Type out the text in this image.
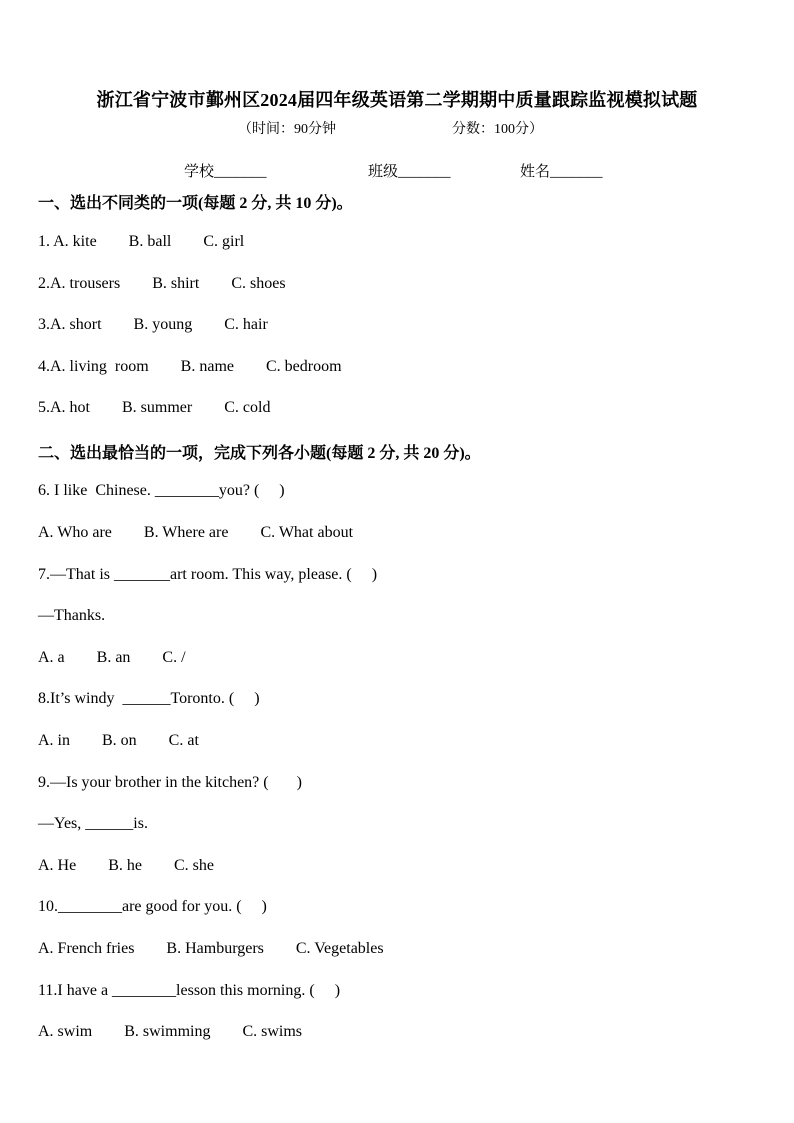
浙江省宁波市鄞州区2024届四年级英语第二学期期中质量跟踪监视模拟试题
（时间：90分钟	分数：100分）
学校_______	班级_______	姓名_______
一、选出不同类的一项(每题 2 分, 共 10 分)。
1. A. kite        B. ball        C. girl
2.A. trousers        B. shirt        C. shoes
3.A. short        B. young        C. hair
4.A. living  room        B. name        C. bedroom
5.A. hot        B. summer        C. cold
二、选出最恰当的一项，完成下列各小题(每题 2 分, 共 20 分)。
6. I like  Chinese. ________you? (     )
A. Who are        B. Where are        C. What about
7.—That is _______art room. This way, please. (     )
—Thanks.
A. a        B. an        C. /
8.It’s windy  ______Toronto. (     )
A. in        B. on        C. at
9.—Is your brother in the kitchen? (       )
—Yes, ______is.
A. He        B. he        C. she
10.________are good for you. (     )
A. French fries        B. Hamburgers        C. Vegetables
11.I have a ________lesson this morning. (     )
A. swim        B. swimming        C. swims
